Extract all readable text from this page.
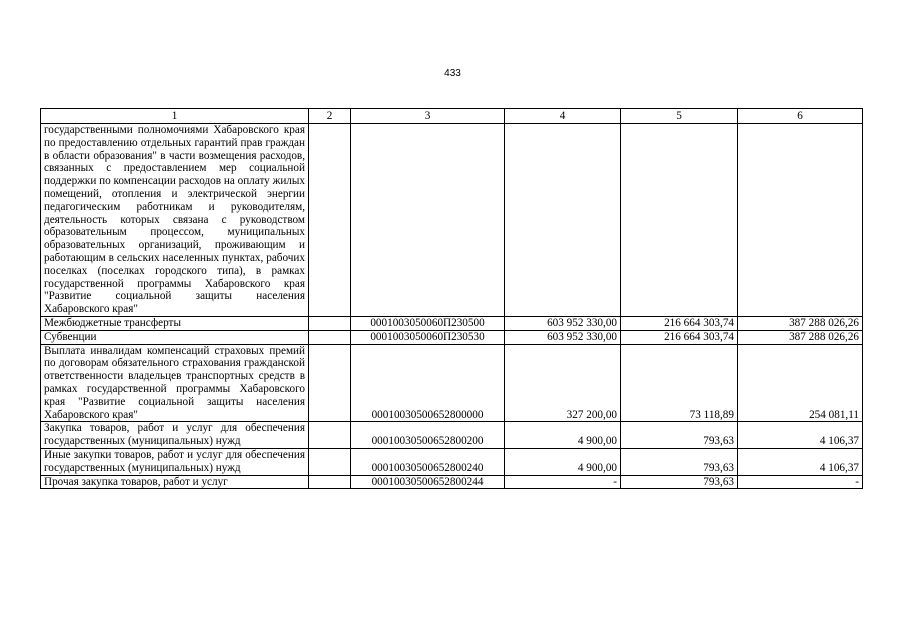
433
1	2	3	4	5	6
государственными полномочиями Хабаровского края по предоставлению отдельных гарантий прав граждан в области образования" в части возмещения расходов, связанных с предоставлением мер социальной поддержки по компенсации расходов на оплату жилых помещений, отопления и электрической энергии педагогическим работникам и руководителям, деятельность которых связана с руководством образовательным процессом, муниципальных образовательных организаций, проживающим и работающим в сельских населенных пунктах, рабочих поселках (поселках городского типа), в рамках государственной программы Хабаровского края "Развитие социальной защиты населения Хабаровского края"					
Межбюджетные трансферты		0001003050060П230500	603 952 330,00	216 664 303,74	387 288 026,26
Субвенции		0001003050060П230530	603 952 330,00	216 664 303,74	387 288 026,26
Выплата инвалидам компенсаций страховых премий по договорам обязательного страхования гражданской ответственности владельцев транспортных средств в рамках государственной программы Хабаровского края "Развитие социальной защиты населения Хабаровского края"		00010030500652800000	327 200,00	73 118,89	254 081,11
Закупка товаров, работ и услуг для обеспечения государственных (муниципальных) нужд		00010030500652800200	4 900,00	793,63	4 106,37
Иные закупки товаров, работ и услуг для обеспечения государственных (муниципальных) нужд		00010030500652800240	4 900,00	793,63	4 106,37
Прочая закупка товаров, работ и услуг		00010030500652800244	-	793,63	-
